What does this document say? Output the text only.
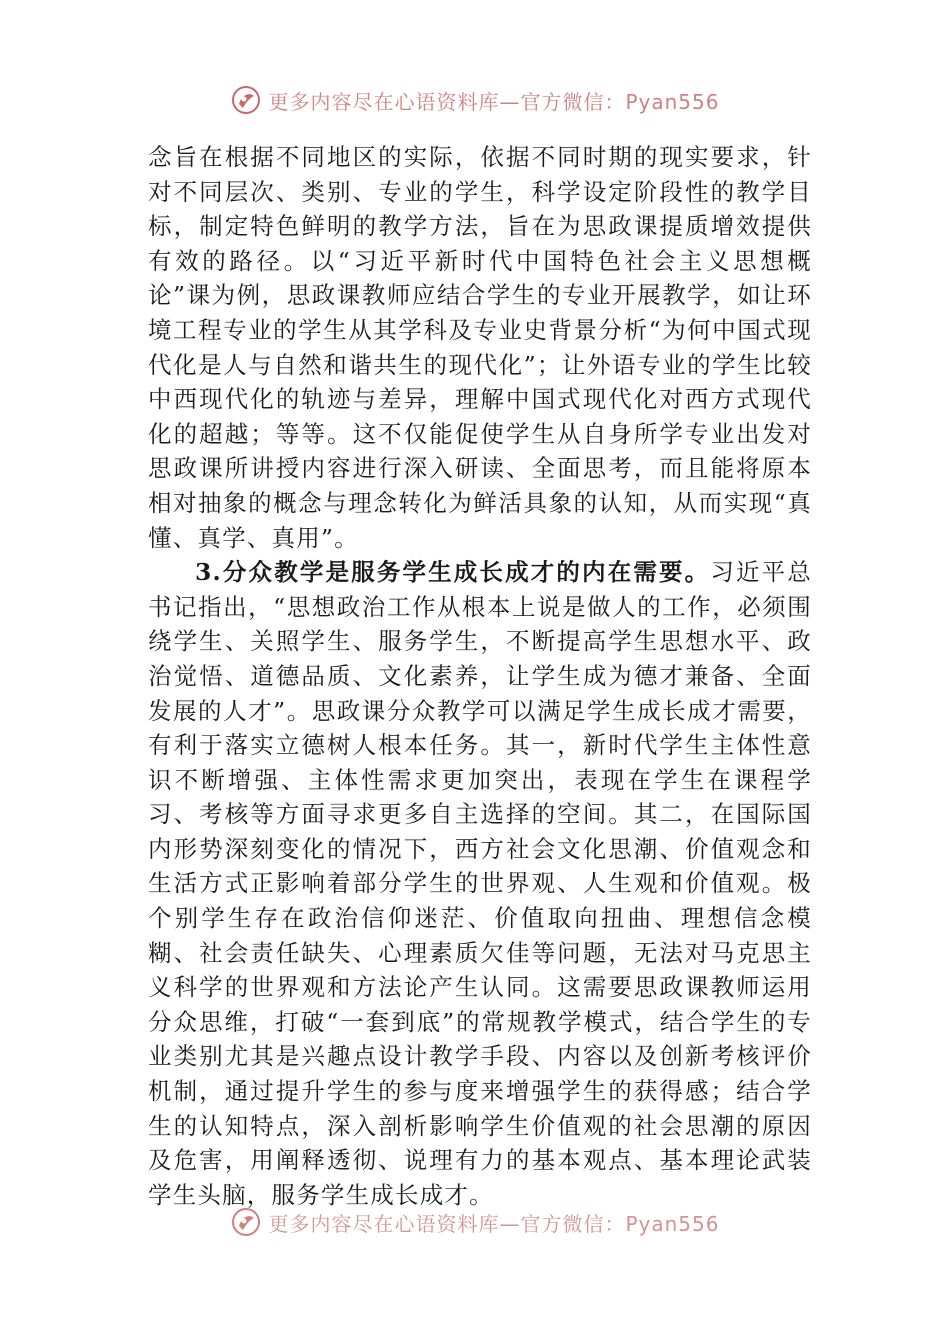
更多内容尽在心语资料库—官方微信：Pyan556

念旨在根据不同地区的实际，依据不同时期的现实要求，针对不同层次、类别、专业的学生，科学设定阶段性的教学目标，制定特色鲜明的教学方法，旨在为思政课提质增效提供有效的路径。以“习近平新时代中国特色社会主义思想概论”课为例，思政课教师应结合学生的专业开展教学，如让环境工程专业的学生从其学科及专业史背景分析“为何中国式现代化是人与自然和谐共生的现代化”；让外语专业的学生比较中西现代化的轨迹与差异，理解中国式现代化对西方式现代化的超越；等等。这不仅能促使学生从自身所学专业出发对思政课所讲授内容进行深入研读、全面思考，而且能将原本相对抽象的概念与理念转化为鲜活具象的认知，从而实现“真懂、真学、真用”。

3.分众教学是服务学生成长成才的内在需要。习近平总书记指出，“思想政治工作从根本上说是做人的工作，必须围绕学生、关照学生、服务学生，不断提高学生思想水平、政治觉悟、道德品质、文化素养，让学生成为德才兼备、全面发展的人才”。思政课分众教学可以满足学生成长成才需要，有利于落实立德树人根本任务。其一，新时代学生主体性意识不断增强、主体性需求更加突出，表现在学生在课程学习、考核等方面寻求更多自主选择的空间。其二，在国际国内形势深刻变化的情况下，西方社会文化思潮、价值观念和生活方式正影响着部分学生的世界观、人生观和价值观。极个别学生存在政治信仰迷茫、价值取向扭曲、理想信念模糊、社会责任缺失、心理素质欠佳等问题，无法对马克思主义科学的世界观和方法论产生认同。这需要思政课教师运用分众思维，打破“一套到底”的常规教学模式，结合学生的专业类别尤其是兴趣点设计教学手段、内容以及创新考核评价机制，通过提升学生的参与度来增强学生的获得感；结合学生的认知特点，深入剖析影响学生价值观的社会思潮的原因及危害，用阐释透彻、说理有力的基本观点、基本理论武装学生头脑，服务学生成长成才。

更多内容尽在心语资料库—官方微信：Pyan556
